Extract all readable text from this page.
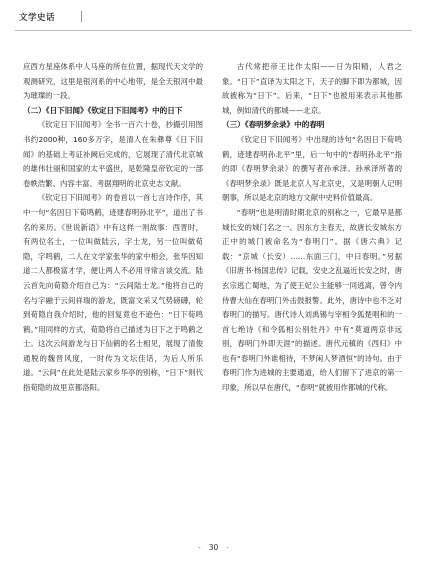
文学史话

应西方星座体系中人马座的所在位置，据现代天文学的观测研究，这里是银河系的中心地带，是全天银河中最为璀璨的一段。

（二）《日下旧闻》《钦定日下旧闻考》中的日下

《钦定日下旧闻考》全书一百六十卷，抄撮引用图书约2000种，160多万字，是清人在朱彝尊《日下旧闻》的基础上考证补阙后完成的，它展现了清代北京城的雄伟壮丽和国家的太平盛世，是乾隆皇帝钦定的一部卷帙浩繁、内容丰富、考据翔明的北京史志文献。

《钦定日下旧闻考》的卷首以一首七言诗作序，其中一句“名因日下荀鸣鹤，迹建春明孙北平”，道出了书名的来历。《世说新语》中有这样一则故事：西晋时，有两位名士，一位叫做陆云，字士龙，另一位叫做荀隐，字鸣鹤，二人在文学家张华的家中相会，张华因知道二人都极富才学，便让两人不必用寻常言谈交流。陆云首先向荀隐介绍自己为：“云间陆士龙。”他将自己的名与字融于云间祥瑞的游龙，既富文采又气势磅礴，轮到荀隐自我介绍时，他的回复竟也不逊色：“日下荀鸣鹤。”用同样的方式，荀隐将自己描述为日下之于鸣鹤之士。这次云间游龙与日下仙鹤的名士相见，展现了清俊通脱的魏晋风度，一时传为文坛佳话，为后人所乐道。“云间”在此处是陆云家乡华亭的别称，“日下”则代指荀隐的故里京都洛阳。

古代常把帝王比作太阳——日为阳精，人君之象。“日下”直译为太阳之下，天子的脚下即为都城，因故被称为“日下”。后来，“日下”也被用来表示其他都城，例如清代的都城——北京。

（三）《春明梦余录》中的春明

《钦定日下旧闻考》中出现的诗句“名因日下荀鸣鹤，迹建春明孙北平”里，后一句中的“春明孙北平”指的即《春明梦余录》的撰写者孙承泽。孙承泽所著的《春明梦余录》既是北京人写北京史，又是明朝人记明朝事，所以是北京的地方文献中史料价值最高。

“春明”也是明清时期北京的别称之一，它最早是都城长安的城门名之一。因东方主春天，故唐长安城东方正中的城门被命名为“春明门”。据《唐六典》记载：“京城（长安）……东面三门，中曰春明。”另据《旧唐书·杨国忠传》记载，安史之乱逼近长安之时，唐玄宗逃亡蜀地，为了使王妃公主能够一同逃离，曾令内侍曹大仙在春明门外击鼓报警。此外，唐诗中也不乏对春明门的描写。唐代诗人刘禹锡与宰相令狐楚唱和的一首七绝诗《和令狐相公别牡丹》中有“莫道两京非远别，春明门外即天涯”的描述。唐代元稹的《西归》中也有“春明门外谁相待，不梦闲人梦酒恒”的诗句。由于春明门作为进城的主要通道，给人们留下了进京的第一印象，所以早在唐代，“春明”就被用作都城的代称。

- 30 -
